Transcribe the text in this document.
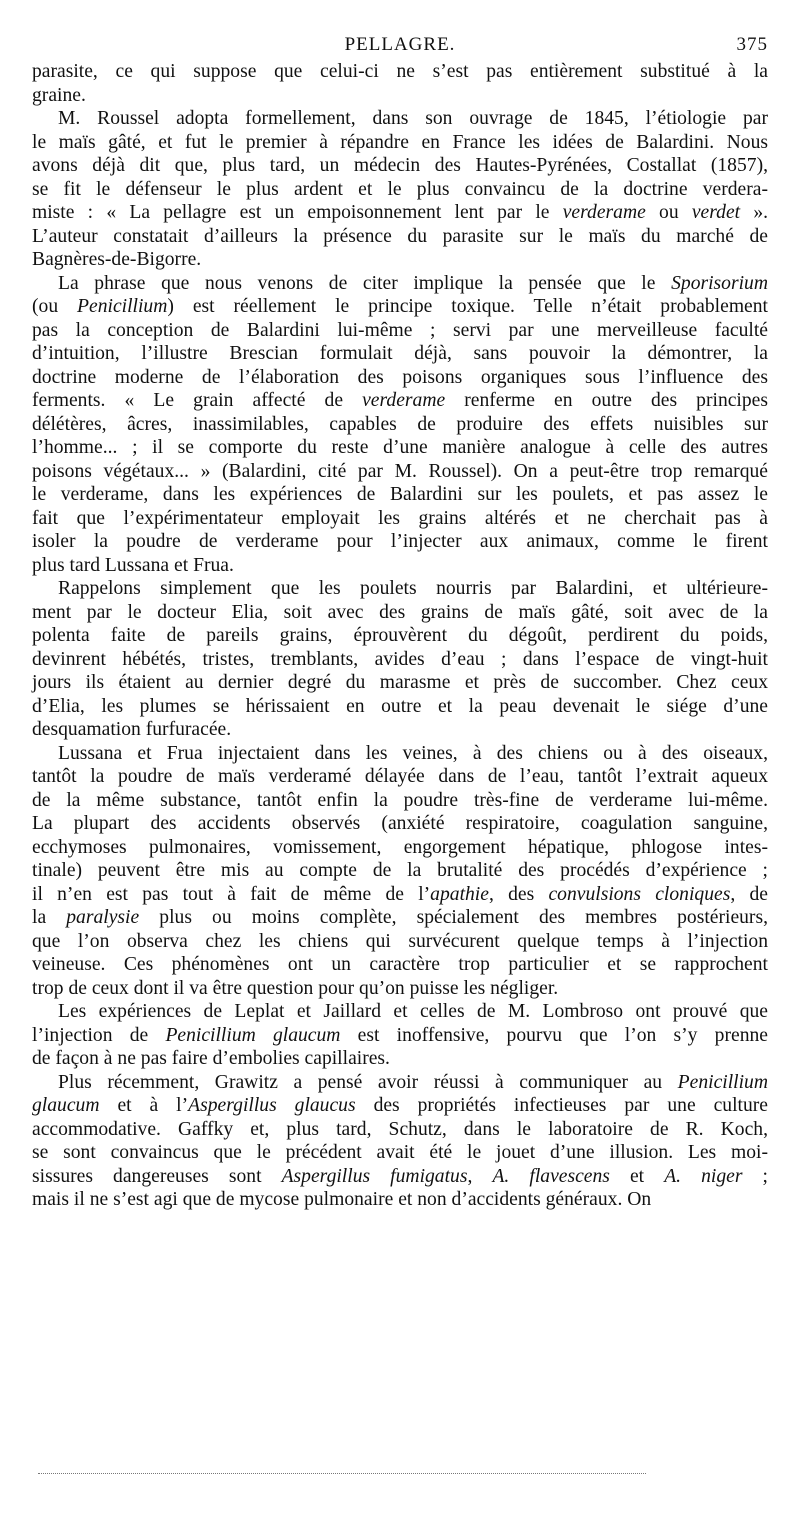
PELLAGRE.	375

parasite, ce qui suppose que celui-ci ne s’est pas entièrement substitué à la
graine.

M. Roussel adopta formellement, dans son ouvrage de 1845, l’étiologie par
le maïs gâté, et fut le premier à répandre en France les idées de Balardini. Nous
avons déjà dit que, plus tard, un médecin des Hautes-Pyrénées, Costallat (1857),
se fit le défenseur le plus ardent et le plus convaincu de la doctrine verdera-
miste : « La pellagre est un empoisonnement lent par le verderame ou verdet ».
L’auteur constatait d’ailleurs la présence du parasite sur le maïs du marché de
Bagnères-de-Bigorre.

La phrase que nous venons de citer implique la pensée que le Sporisorium
(ou Penicillium) est réellement le principe toxique. Telle n’était probablement
pas la conception de Balardini lui-même ; servi par une merveilleuse faculté
d’intuition, l’illustre Brescian formulait déjà, sans pouvoir la démontrer, la
doctrine moderne de l’élaboration des poisons organiques sous l’influence des
ferments. « Le grain affecté de verderame renferme en outre des principes
délétères, âcres, inassimilables, capables de produire des effets nuisibles sur
l’homme... ; il se comporte du reste d’une manière analogue à celle des autres
poisons végétaux... » (Balardini, cité par M. Roussel). On a peut-être trop remarqué
le verderame, dans les expériences de Balardini sur les poulets, et pas assez le
fait que l’expérimentateur employait les grains altérés et ne cherchait pas à
isoler la poudre de verderame pour l’injecter aux animaux, comme le firent
plus tard Lussana et Frua.

Rappelons simplement que les poulets nourris par Balardini, et ultérieure-
ment par le docteur Elia, soit avec des grains de maïs gâté, soit avec de la
polenta faite de pareils grains, éprouvèrent du dégoût, perdirent du poids,
devinrent hébétés, tristes, tremblants, avides d’eau ; dans l’espace de vingt-huit
jours ils étaient au dernier degré du marasme et près de succomber. Chez ceux
d’Elia, les plumes se hérissaient en outre et la peau devenait le siége d’une
desquamation furfuracée.

Lussana et Frua injectaient dans les veines, à des chiens ou à des oiseaux,
tantôt la poudre de maïs verderamé délayée dans de l’eau, tantôt l’extrait aqueux
de la même substance, tantôt enfin la poudre très-fine de verderame lui-même.
La plupart des accidents observés (anxiété respiratoire, coagulation sanguine,
ecchymoses pulmonaires, vomissement, engorgement hépatique, phlogose intes-
tinale) peuvent être mis au compte de la brutalité des procédés d’expérience ;
il n’en est pas tout à fait de même de l’apathie, des convulsions cloniques, de
la paralysie plus ou moins complète, spécialement des membres postérieurs,
que l’on observa chez les chiens qui survécurent quelque temps à l’injection
veineuse. Ces phénomènes ont un caractère trop particulier et se rapprochent
trop de ceux dont il va être question pour qu’on puisse les négliger.

Les expériences de Leplat et Jaillard et celles de M. Lombroso ont prouvé que
l’injection de Penicillium glaucum est inoffensive, pourvu que l’on s’y prenne
de façon à ne pas faire d’embolies capillaires.

Plus récemment, Grawitz a pensé avoir réussi à communiquer au Penicillium
glaucum et à l’Aspergillus glaucus des propriétés infectieuses par une culture
accommodative. Gaffky et, plus tard, Schutz, dans le laboratoire de R. Koch,
se sont convaincus que le précédent avait été le jouet d’une illusion. Les moi-
sissures dangereuses sont Aspergillus fumigatus, A. flavescens et A. niger ;
mais il ne s’est agi que de mycose pulmonaire et non d’accidents généraux. On
